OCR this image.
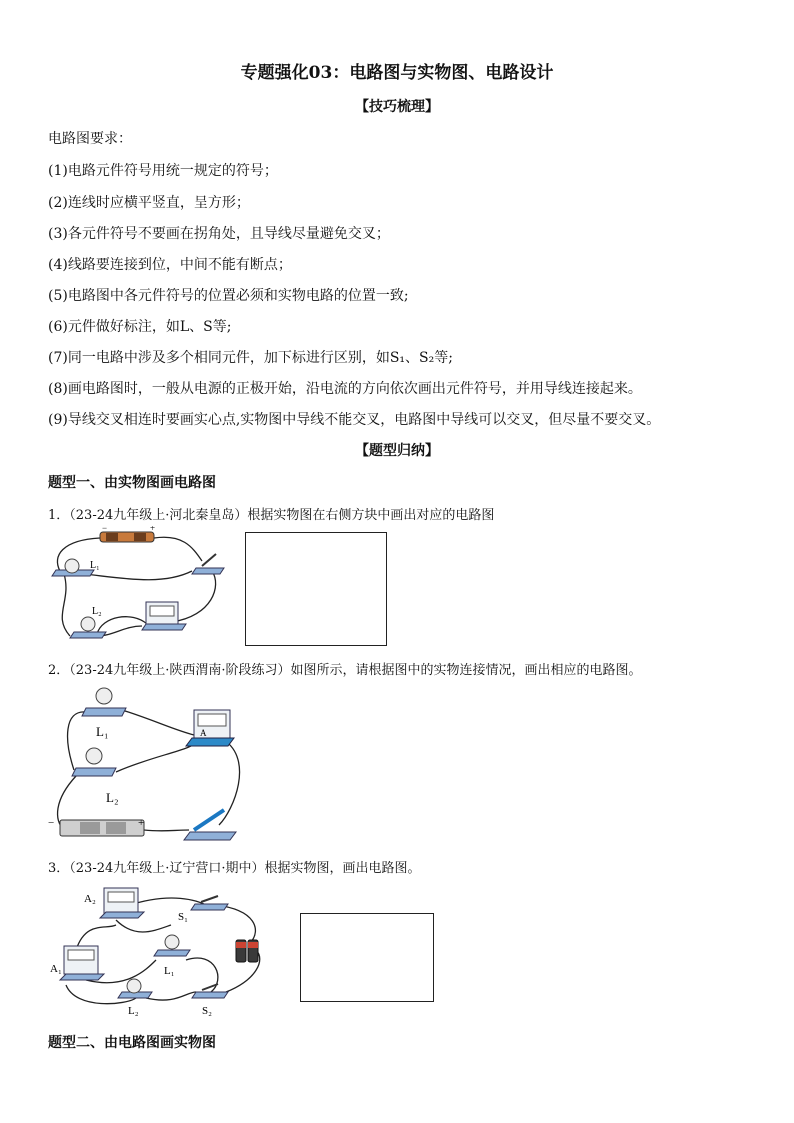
专题强化03：电路图与实物图、电路设计
【技巧梳理】
电路图要求：
(1)电路元件符号用统一规定的符号；
(2)连线时应横平竖直，呈方形；
(3)各元件符号不要画在拐角处，且导线尽量避免交叉；
(4)线路要连接到位，中间不能有断点；
(5)电路图中各元件符号的位置必须和实物电路的位置一致;
(6)元件做好标注，如L、S等;
(7)同一电路中涉及多个相同元件，加下标进行区别，如S₁、S₂等;
(8)画电路图时，一般从电源的正极开始，沿电流的方向依次画出元件符号，并用导线连接起来。
(9)导线交叉相连时要画实心点,实物图中导线不能交叉，电路图中导线可以交叉，但尽量不要交叉。
【题型归纳】
题型一、由实物图画电路图
1．（23-24九年级上·河北秦皇岛）根据实物图在右侧方块中画出对应的电路图
−	+
L₁
L₂
2．（23-24九年级上·陕西渭南·阶段练习）如图所示，请根据图中的实物连接情况，画出相应的电路图。
L₁
L₂
A
−	+
3．（23-24九年级上·辽宁营口·期中）根据实物图，画出电路图。
A₂
S₁
A₁	L₁
L₂	S₂
题型二、由电路图画实物图
